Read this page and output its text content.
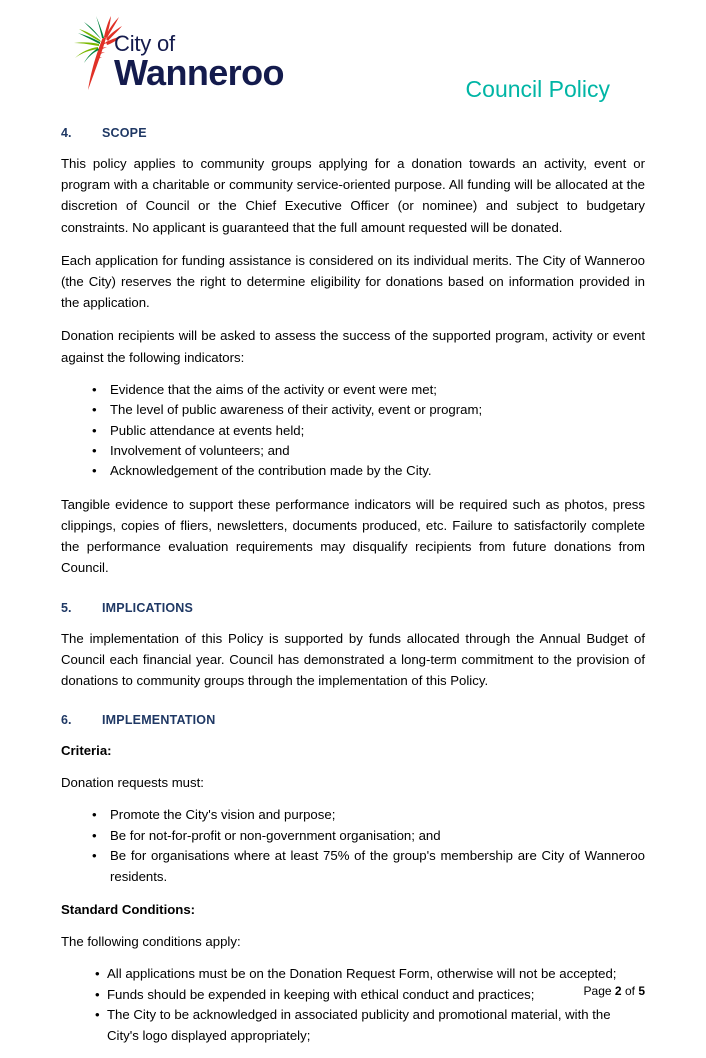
City of
Wanneroo	Council Policy
4.	SCOPE

This policy applies to community groups applying for a donation towards an activity, event or program with a charitable or community service-oriented purpose. All funding will be allocated at the discretion of Council or the Chief Executive Officer (or nominee) and subject to budgetary constraints. No applicant is guaranteed that the full amount requested will be donated.

Each application for funding assistance is considered on its individual merits. The City of Wanneroo (the City) reserves the right to determine eligibility for donations based on information provided in the application.

Donation recipients will be asked to assess the success of the supported program, activity or event against the following indicators:

• Evidence that the aims of the activity or event were met;
• The level of public awareness of their activity, event or program;
• Public attendance at events held;
• Involvement of volunteers; and
• Acknowledgement of the contribution made by the City.

Tangible evidence to support these performance indicators will be required such as photos, press clippings, copies of fliers, newsletters, documents produced, etc. Failure to satisfactorily complete the performance evaluation requirements may disqualify recipients from future donations from Council.

5.	IMPLICATIONS

The implementation of this Policy is supported by funds allocated through the Annual Budget of Council each financial year. Council has demonstrated a long-term commitment to the provision of donations to community groups through the implementation of this Policy.

6.	IMPLEMENTATION

Criteria:

Donation requests must:

• Promote the City's vision and purpose;
• Be for not-for-profit or non-government organisation; and
• Be for organisations where at least 75% of the group's membership are City of Wanneroo residents.

Standard Conditions:

The following conditions apply:

• All applications must be on the Donation Request Form, otherwise will not be accepted;
• Funds should be expended in keeping with ethical conduct and practices;
• The City to be acknowledged in associated publicity and promotional material, with the City's logo displayed appropriately;
Page 2 of 5
